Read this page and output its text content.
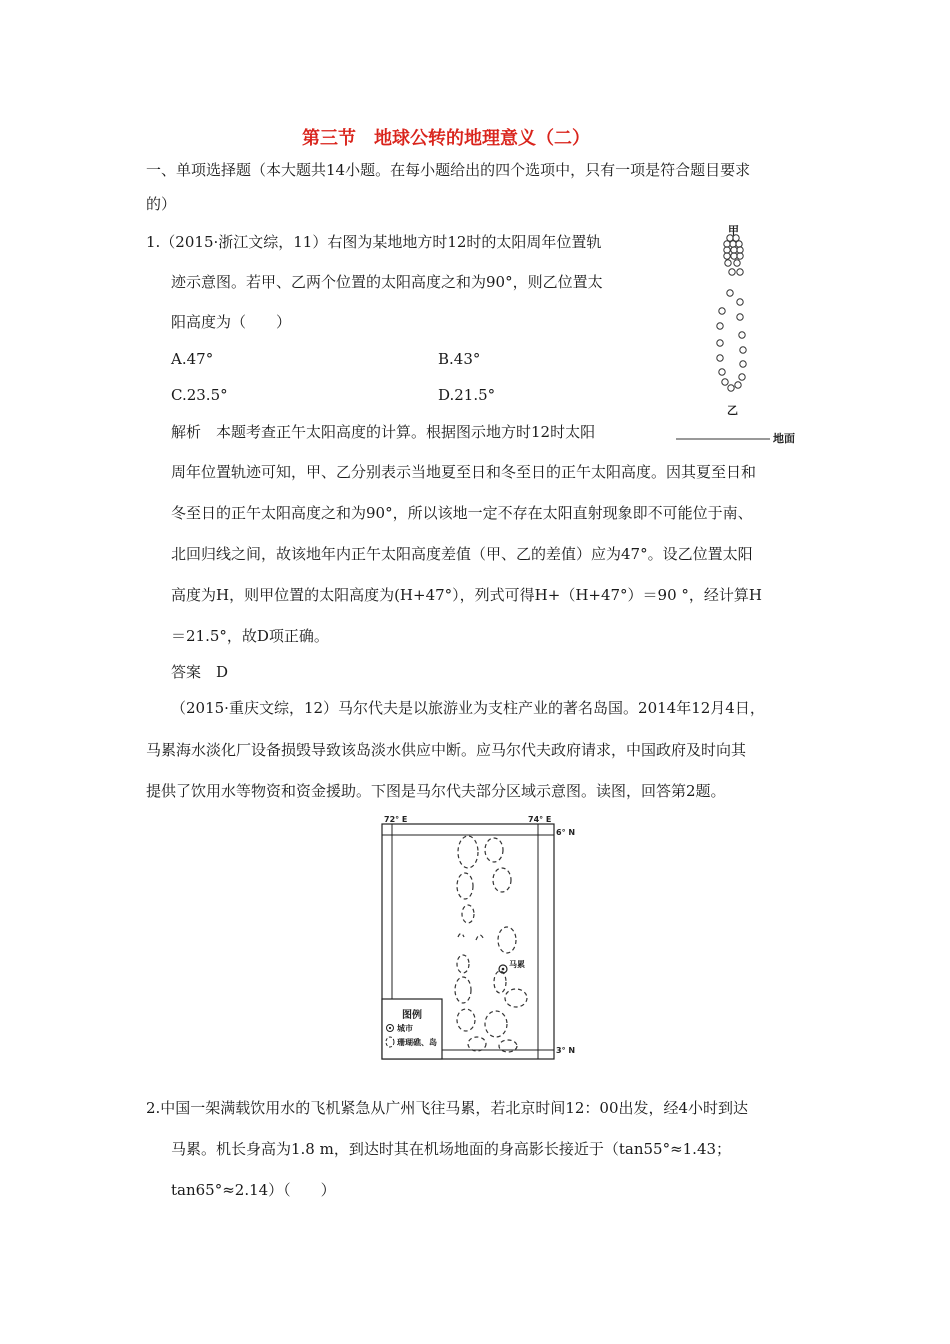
第三节　地球公转的地理意义（二）
一、单项选择题（本大题共14小题。在每小题给出的四个选项中，只有一项是符合题目要求
的）
1.（2015·浙江文综，11）右图为某地地方时12时的太阳周年位置轨
迹示意图。若甲、乙两个位置的太阳高度之和为90°，则乙位置太
阳高度为（　　）
A.47°	B.43°
C.23.5°	D.21.5°
解析　本题考查正午太阳高度的计算。根据图示地方时12时太阳
周年位置轨迹可知，甲、乙分别表示当地夏至日和冬至日的正午太阳高度。因其夏至日和
冬至日的正午太阳高度之和为90°，所以该地一定不存在太阳直射现象即不可能位于南、
北回归线之间，故该地年内正午太阳高度差值（甲、乙的差值）应为47°。设乙位置太阳
高度为H，则甲位置的太阳高度为(H+47°），列式可得H+（H+47°）＝90 °，经计算H
＝21.5°，故D项正确。
答案　D
甲
乙
地面
（2015·重庆文综，12）马尔代夫是以旅游业为支柱产业的著名岛国。2014年12月4日，
马累海水淡化厂设备损毁导致该岛淡水供应中断。应马尔代夫政府请求，中国政府及时向其
提供了饮用水等物资和资金援助。下图是马尔代夫部分区域示意图。读图，回答第2题。
72° E	74° E
6° N
3° N
马累
图例
城市
珊瑚礁、岛
2.中国一架满载饮用水的飞机紧急从广州飞往马累，若北京时间12：00出发，经4小时到达
马累。机长身高为1.8 m，到达时其在机场地面的身高影长接近于（tan55°≈1.43；
tan65°≈2.14）（　　）
